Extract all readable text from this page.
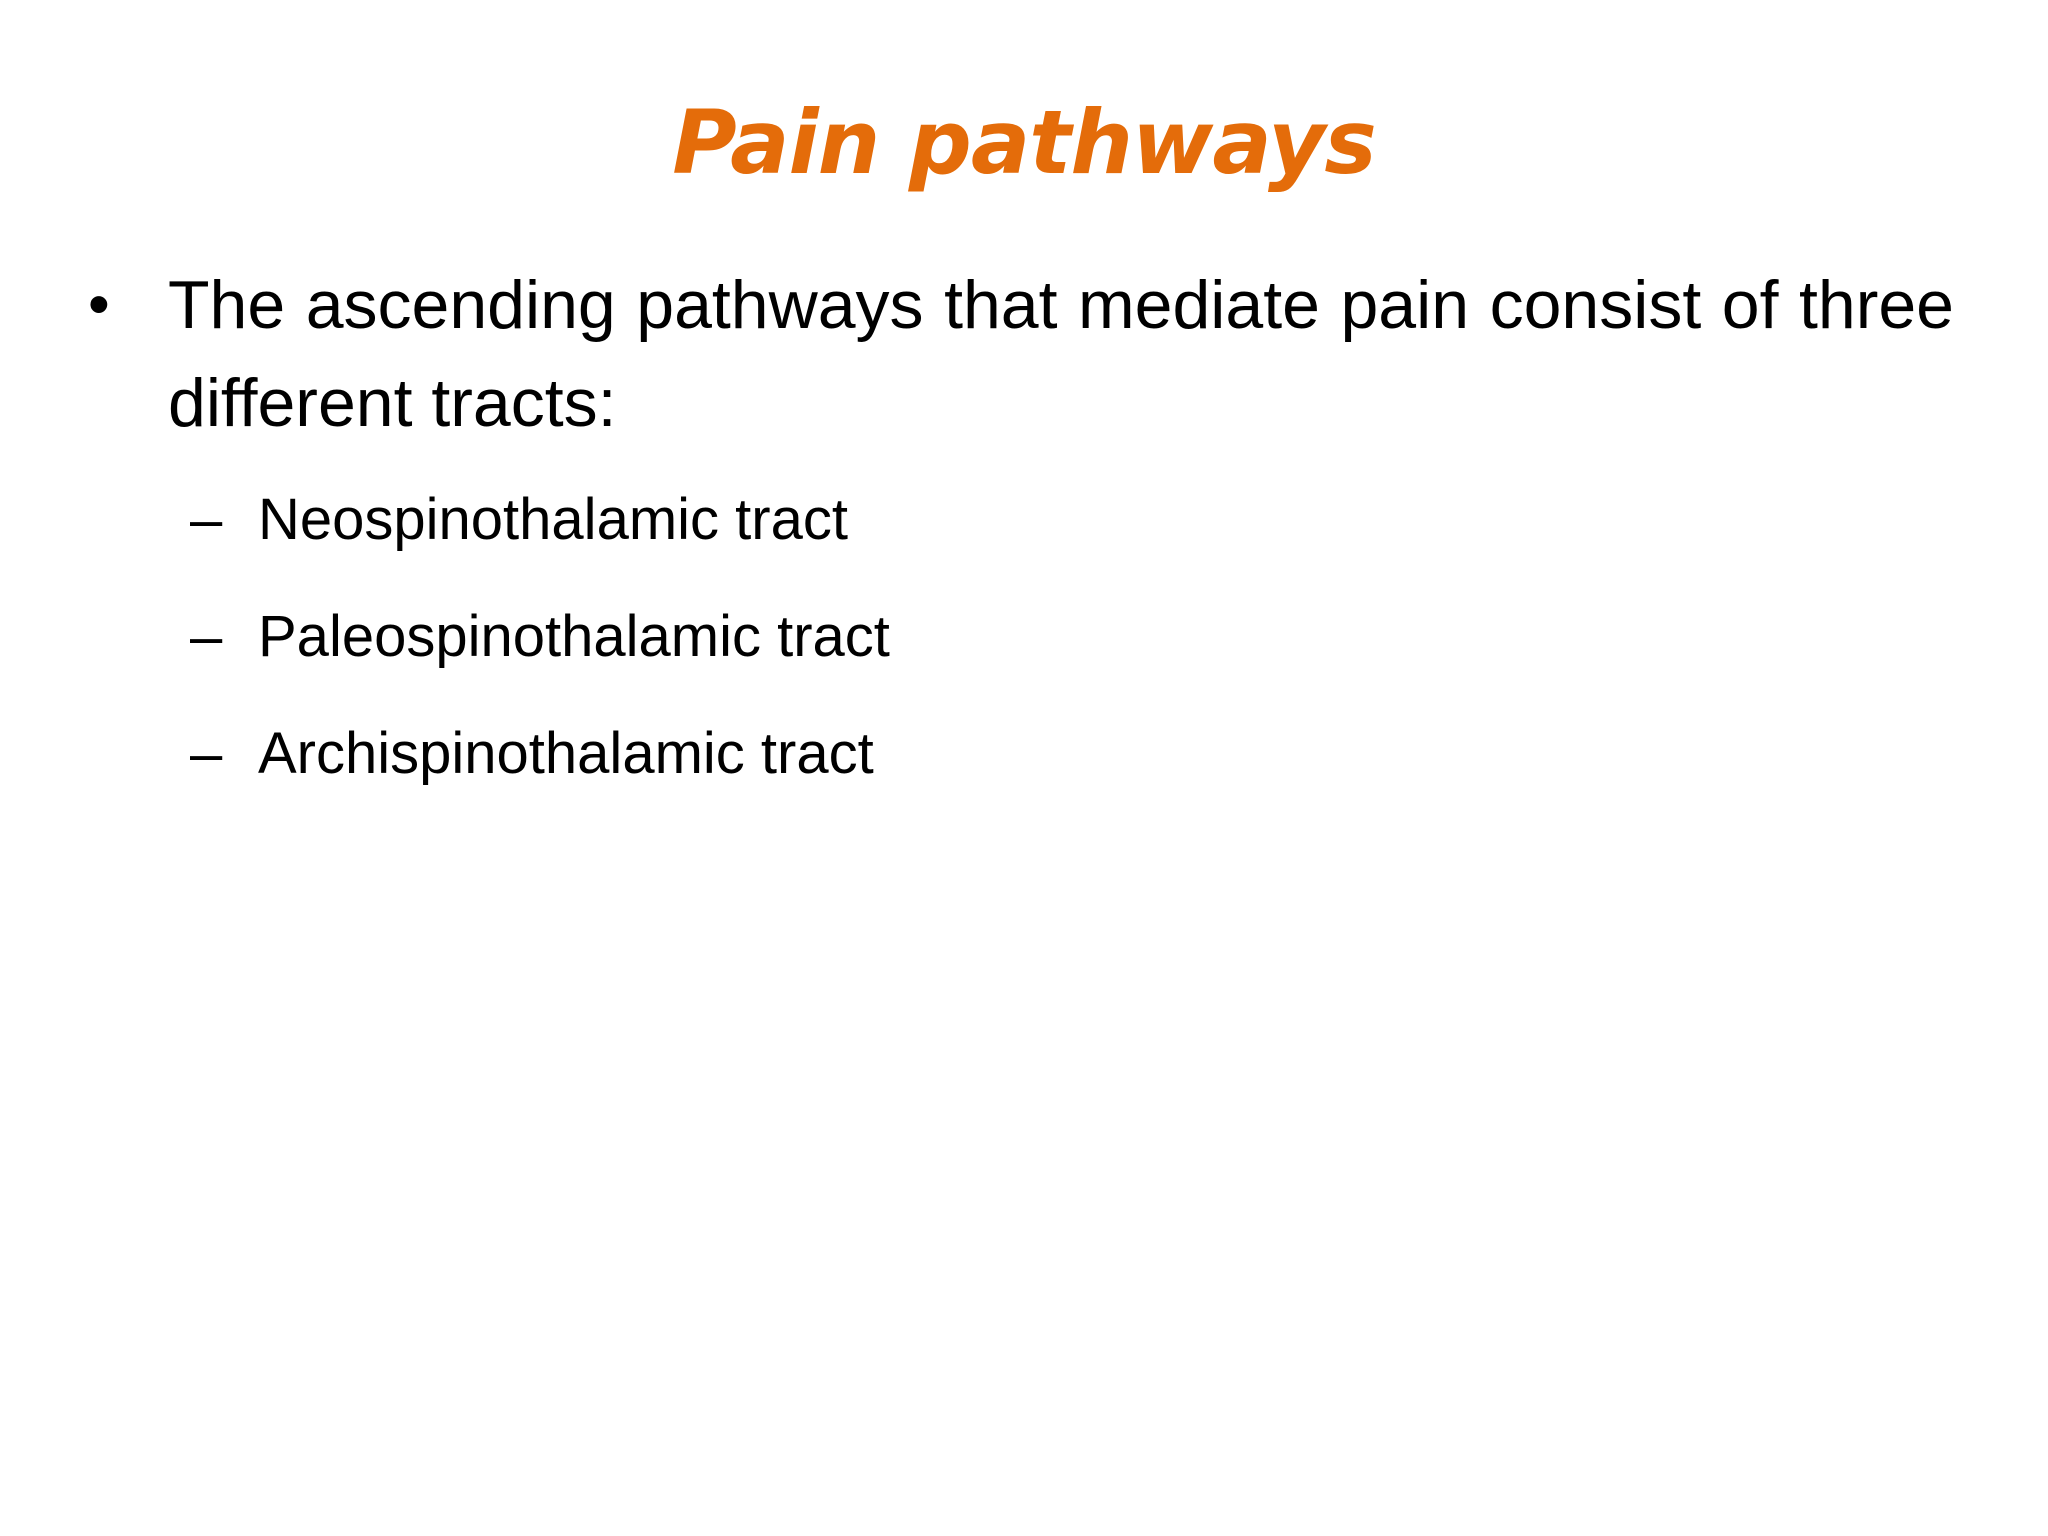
Pain pathways
• The ascending pathways that mediate pain consist of three different tracts:
– Neospinothalamic tract
– Paleospinothalamic tract
– Archispinothalamic tract
